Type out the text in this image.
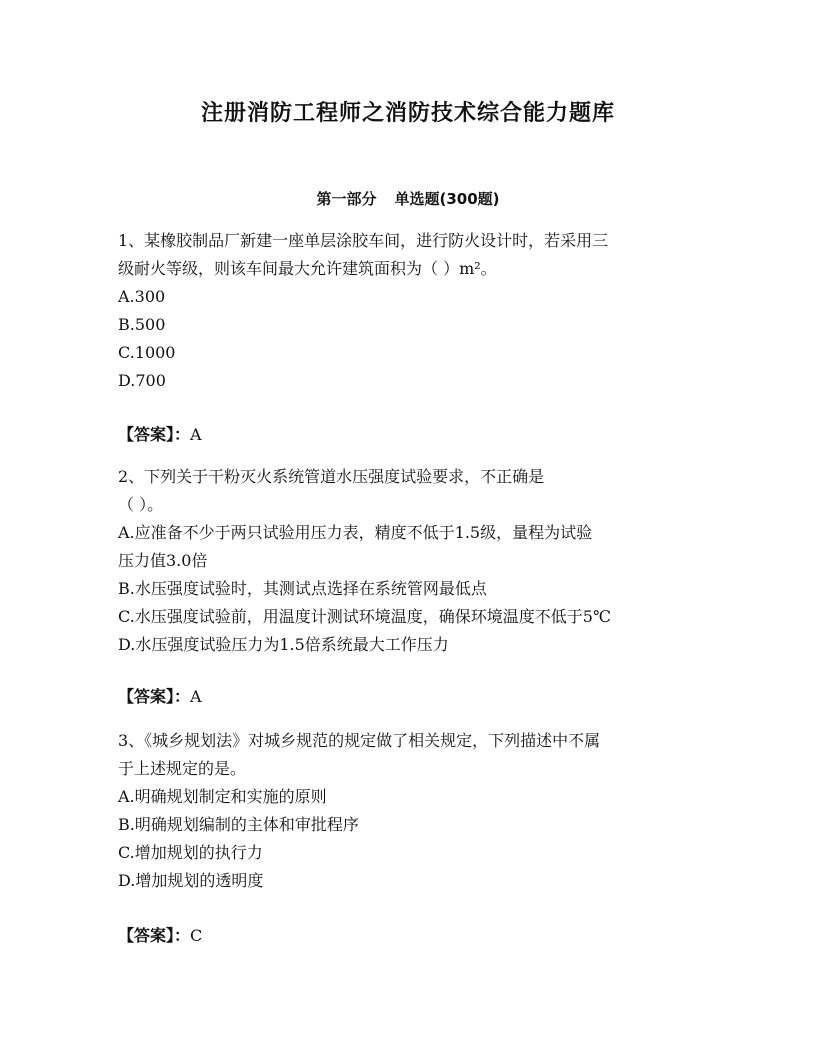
注册消防工程师之消防技术综合能力题库
第一部分 单选题(300题)
1、某橡胶制品厂新建一座单层涂胶车间，进行防火设计时，若采用三
级耐火等级，则该车间最大允许建筑面积为（ ）m²。
A.300
B.500
C.1000
D.700
【答案】：A
2、下列关于干粉灭火系统管道水压强度试验要求，不正确是
（ ）。
A.应准备不少于两只试验用压力表，精度不低于1.5级，量程为试验
压力值3.0倍
B.水压强度试验时，其测试点选择在系统管网最低点
C.水压强度试验前，用温度计测试环境温度，确保环境温度不低于5℃
D.水压强度试验压力为1.5倍系统最大工作压力
【答案】：A
3、《城乡规划法》对城乡规范的规定做了相关规定，下列描述中不属
于上述规定的是。
A.明确规划制定和实施的原则
B.明确规划编制的主体和审批程序
C.增加规划的执行力
D.增加规划的透明度
【答案】：C
